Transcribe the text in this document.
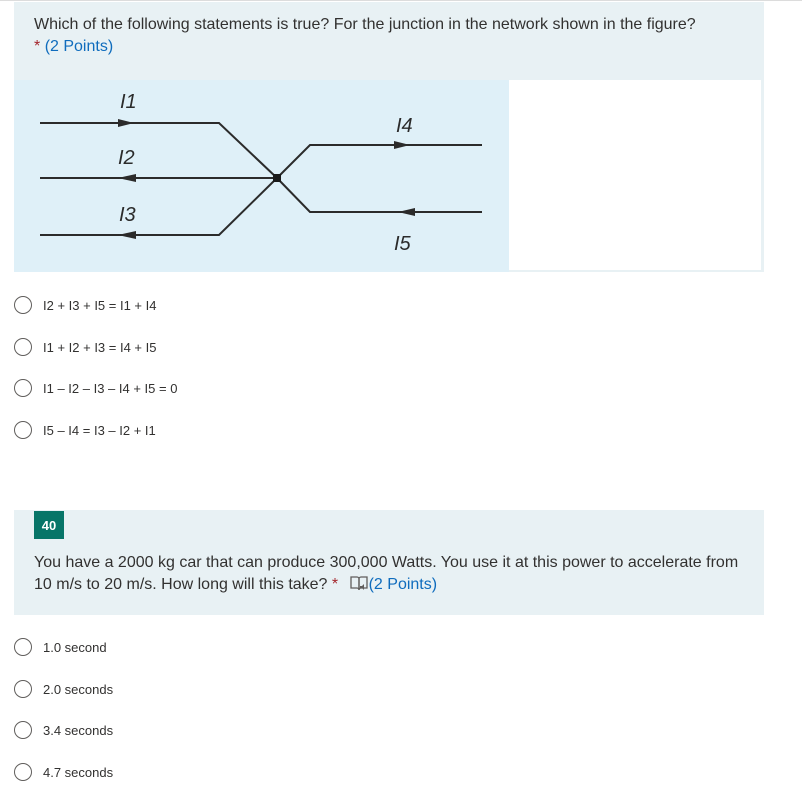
Which of the following statements is true? For the junction in the network shown in the figure?
* (2 Points)

I1
I2
I3
I4
I5
I2 + I3 + I5 = I1 + I4
I1 + I2 + I3 = I4 + I5
I1 – I2 – I3 – I4 + I5 = 0
I5 – I4 = I3 – I2 + I1

You have a 2000 kg car that can produce 300,000 Watts. You use it at this power to accelerate from 10 m/s to 20 m/s. How long will this take? * (2 Points)

40
1.0 second
2.0 seconds
3.4 seconds
4.7 seconds
